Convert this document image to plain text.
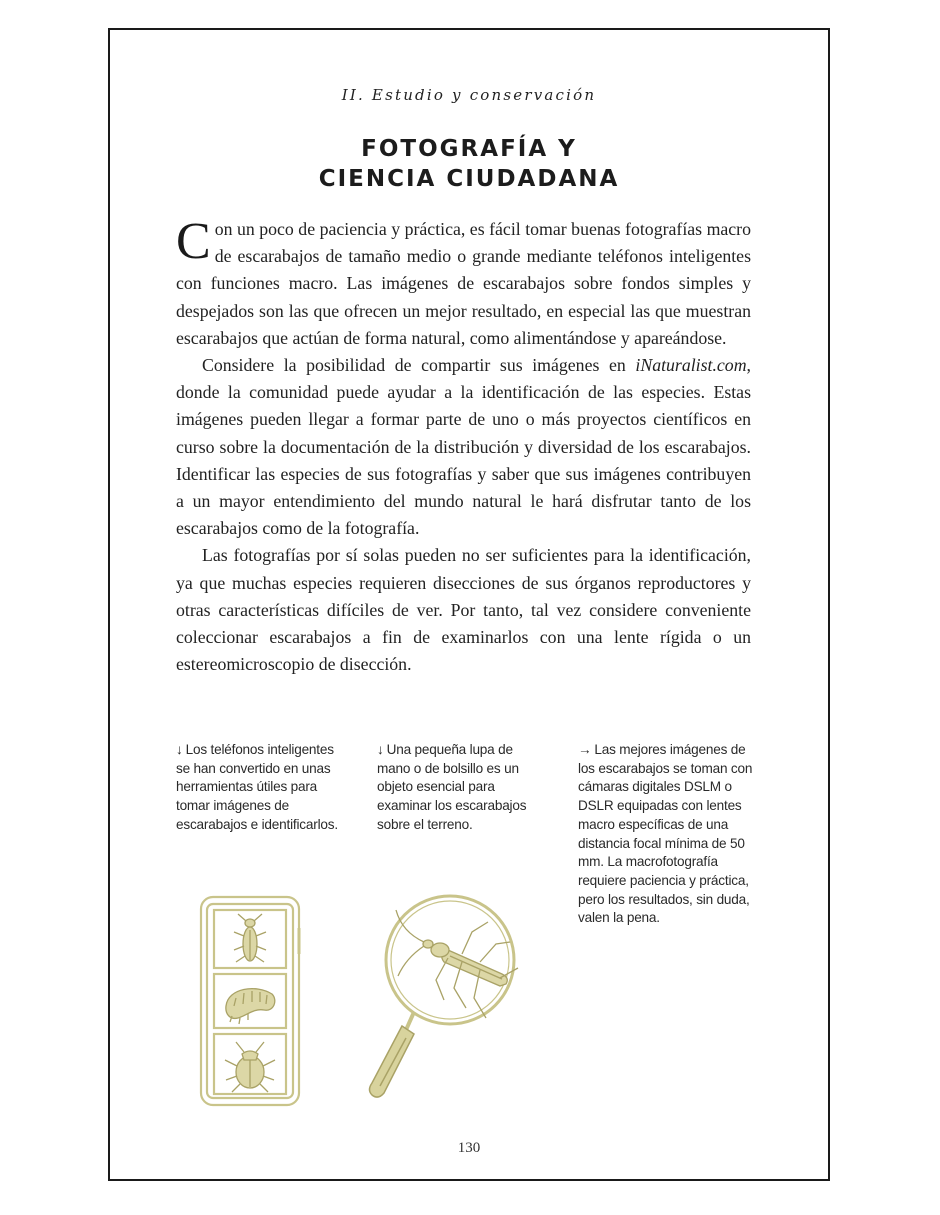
II. Estudio y conservación
FOTOGRAFÍA Y
CIENCIA CIUDADANA

Con un poco de paciencia y práctica, es fácil tomar buenas fotografías macro de escarabajos de tamaño medio o grande mediante teléfonos inteligentes con funciones macro. Las imágenes de escarabajos sobre fondos simples y despejados son las que ofrecen un mejor resultado, en especial las que muestran escarabajos que actúan de forma natural, como alimentándose y apareándose.

Considere la posibilidad de compartir sus imágenes en iNaturalist.com, donde la comunidad puede ayudar a la identificación de las especies. Estas imágenes pueden llegar a formar parte de uno o más proyectos científicos en curso sobre la documentación de la distribución y diversidad de los escarabajos. Identificar las especies de sus fotografías y saber que sus imágenes contribuyen a un mayor entendimiento del mundo natural le hará disfrutar tanto de los escarabajos como de la fotografía.

Las fotografías por sí solas pueden no ser suficientes para la identificación, ya que muchas especies requieren disecciones de sus órganos reproductores y otras características difíciles de ver. Por tanto, tal vez considere conveniente coleccionar escarabajos a fin de examinarlos con una lente rígida o un estereomicroscopio de disección.

↓ Los teléfonos inteligentes se han convertido en unas herramientas útiles para tomar imágenes de escarabajos e identificarlos.
↓ Una pequeña lupa de mano o de bolsillo es un objeto esencial para examinar los escarabajos sobre el terreno.
→ Las mejores imágenes de los escarabajos se toman con cámaras digitales DSLM o DSLR equipadas con lentes macro específicas de una distancia focal mínima de 50 mm. La macrofotografía requiere paciencia y práctica, pero los resultados, sin duda, valen la pena.
130
